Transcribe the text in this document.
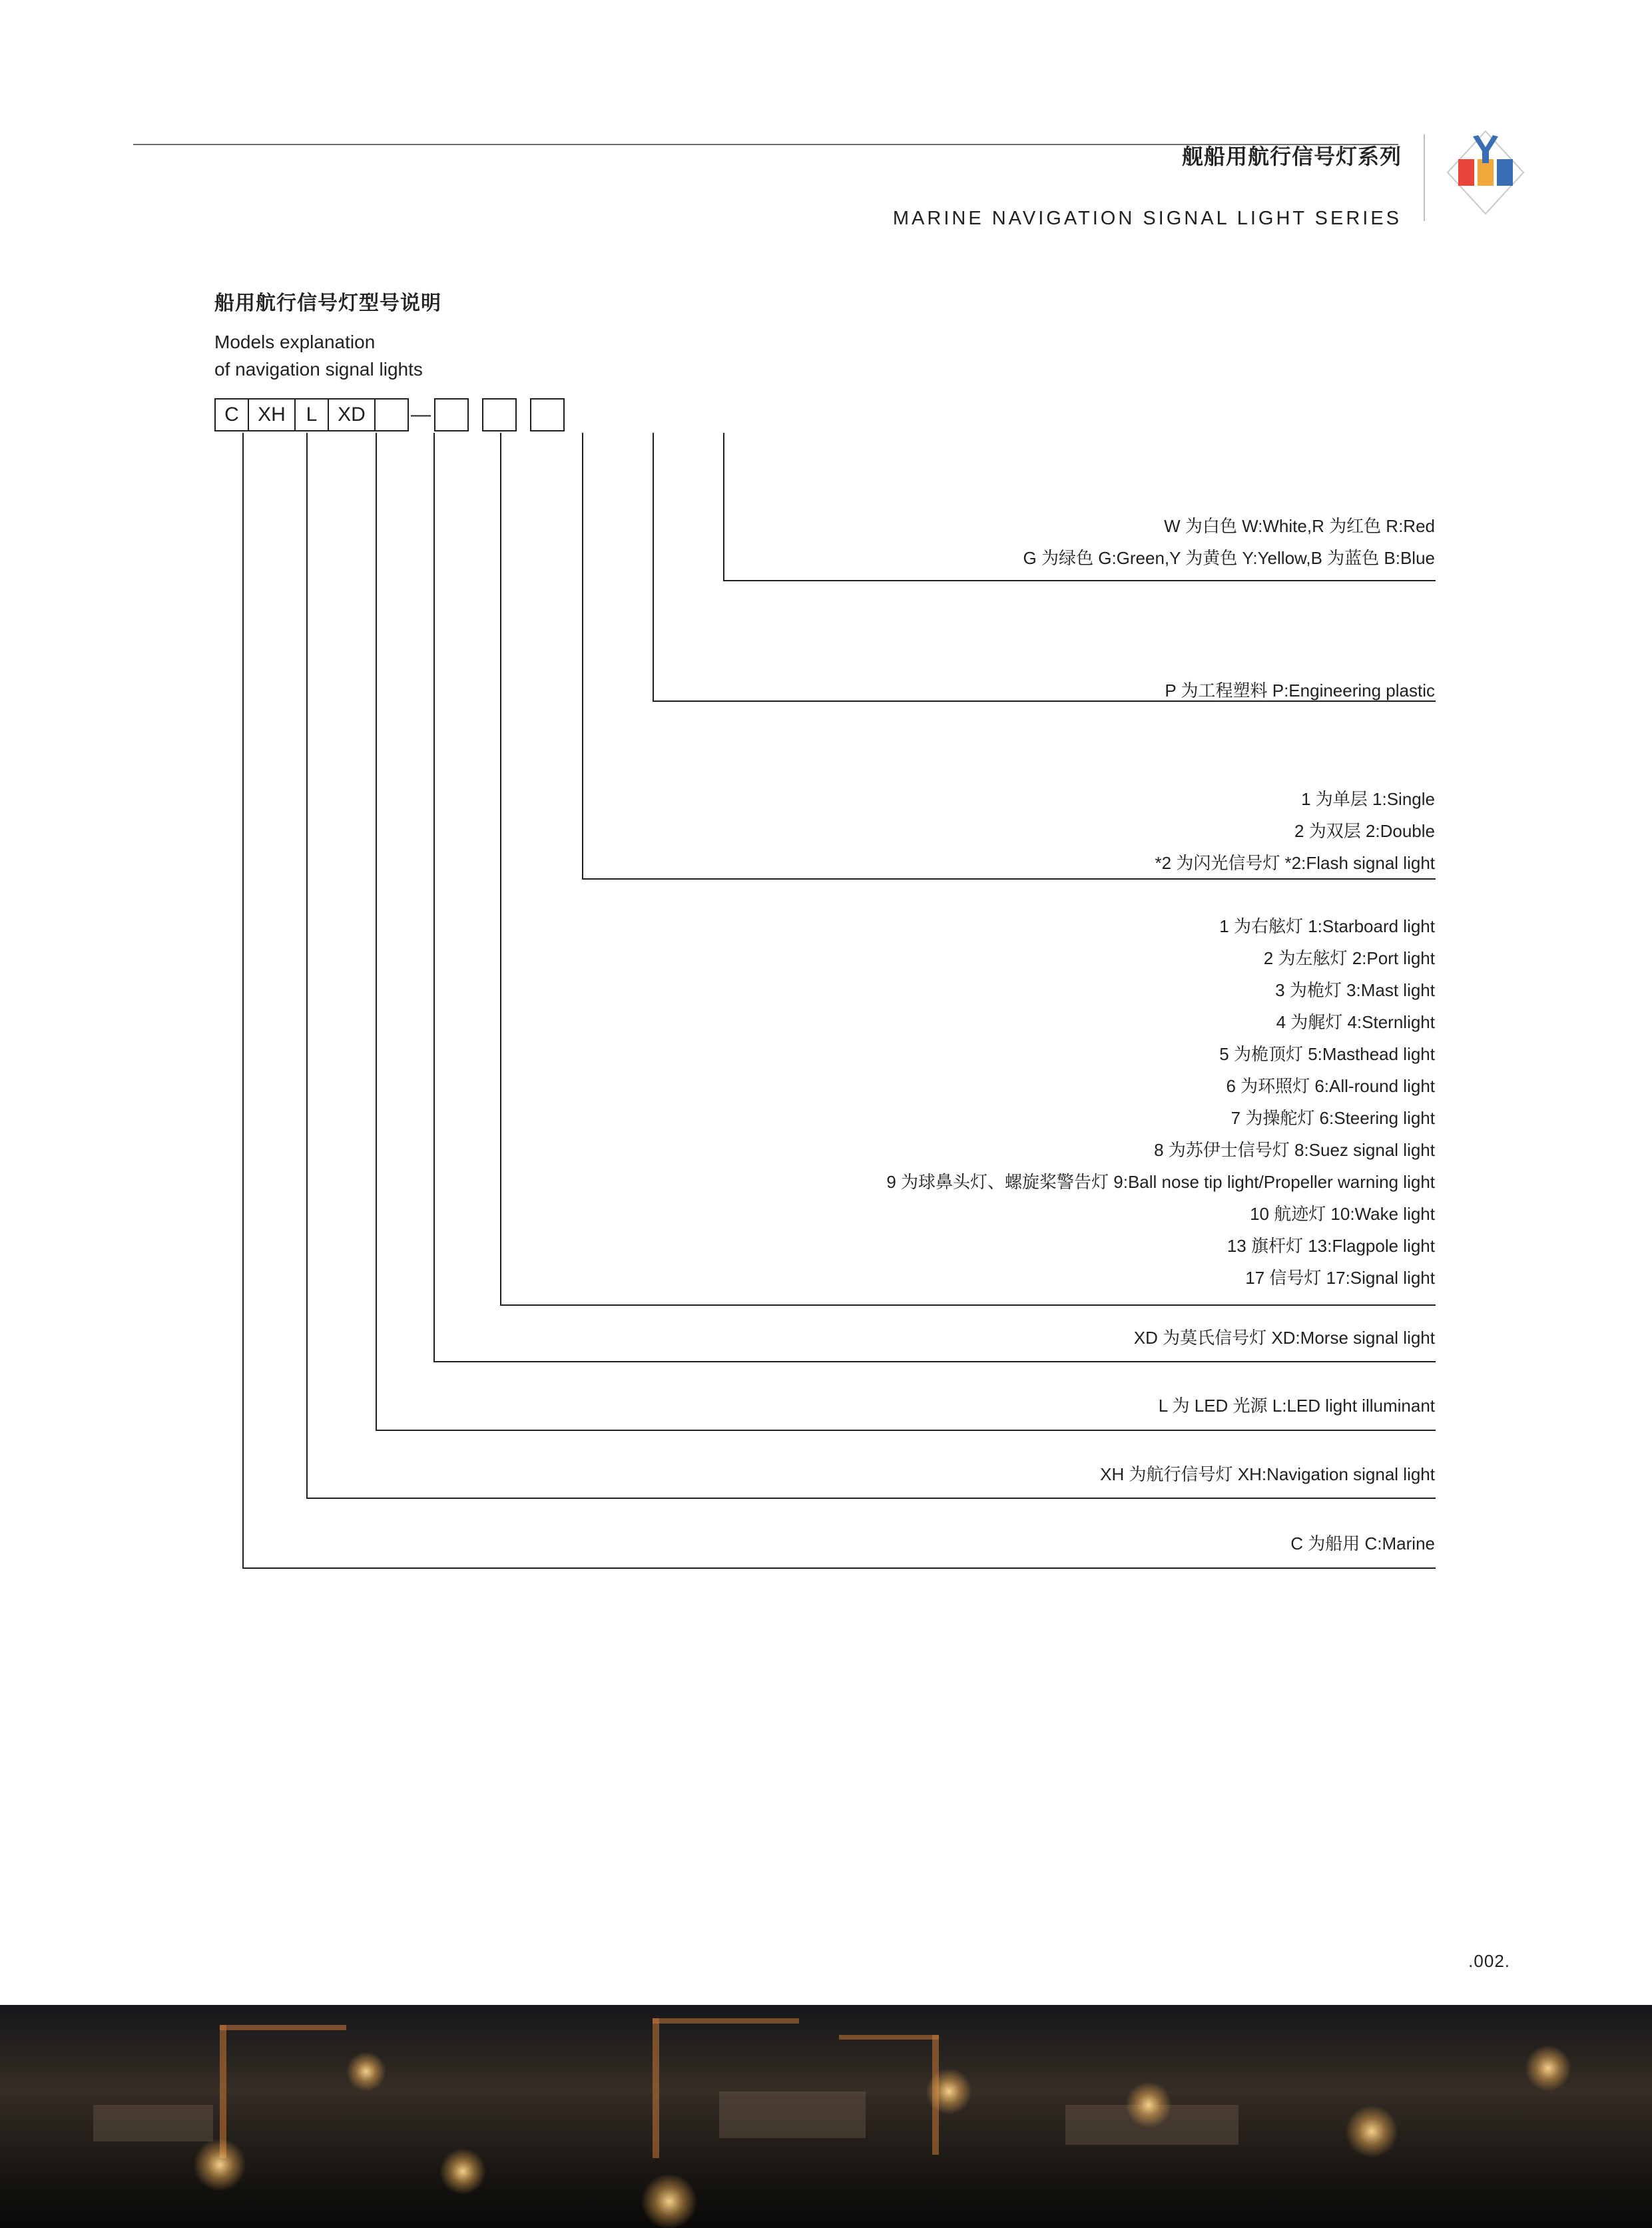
舰船用航行信号灯系列
MARINE NAVIGATION SIGNAL LIGHT SERIES
船用航行信号灯型号说明
Models explanation
of navigation signal lights
C XH	L	XD	—
W 为白色 W:White,R 为红色 R:Red
G 为绿色 G:Green,Y 为黄色 Y:Yellow,B 为蓝色 B:Blue
P 为工程塑料 P:Engineering plastic
1 为单层 1:Single
2 为双层 2:Double
*2 为闪光信号灯 *2:Flash signal light
1 为右舷灯 1:Starboard light
2 为左舷灯 2:Port light
3 为桅灯 3:Mast light
4 为艉灯 4:Sternlight
5 为桅顶灯 5:Masthead light
6 为环照灯 6:All-round light
7 为操舵灯 6:Steering light
8 为苏伊士信号灯 8:Suez signal light
9 为球鼻头灯、螺旋桨警告灯 9:Ball nose tip light/Propeller warning light
10 航迹灯 10:Wake light
13 旗杆灯 13:Flagpole light
17 信号灯 17:Signal light
XD 为莫氏信号灯 XD:Morse signal light
L 为 LED 光源 L:LED light illuminant
XH 为航行信号灯 XH:Navigation signal light
C 为船用 C:Marine
.002.
